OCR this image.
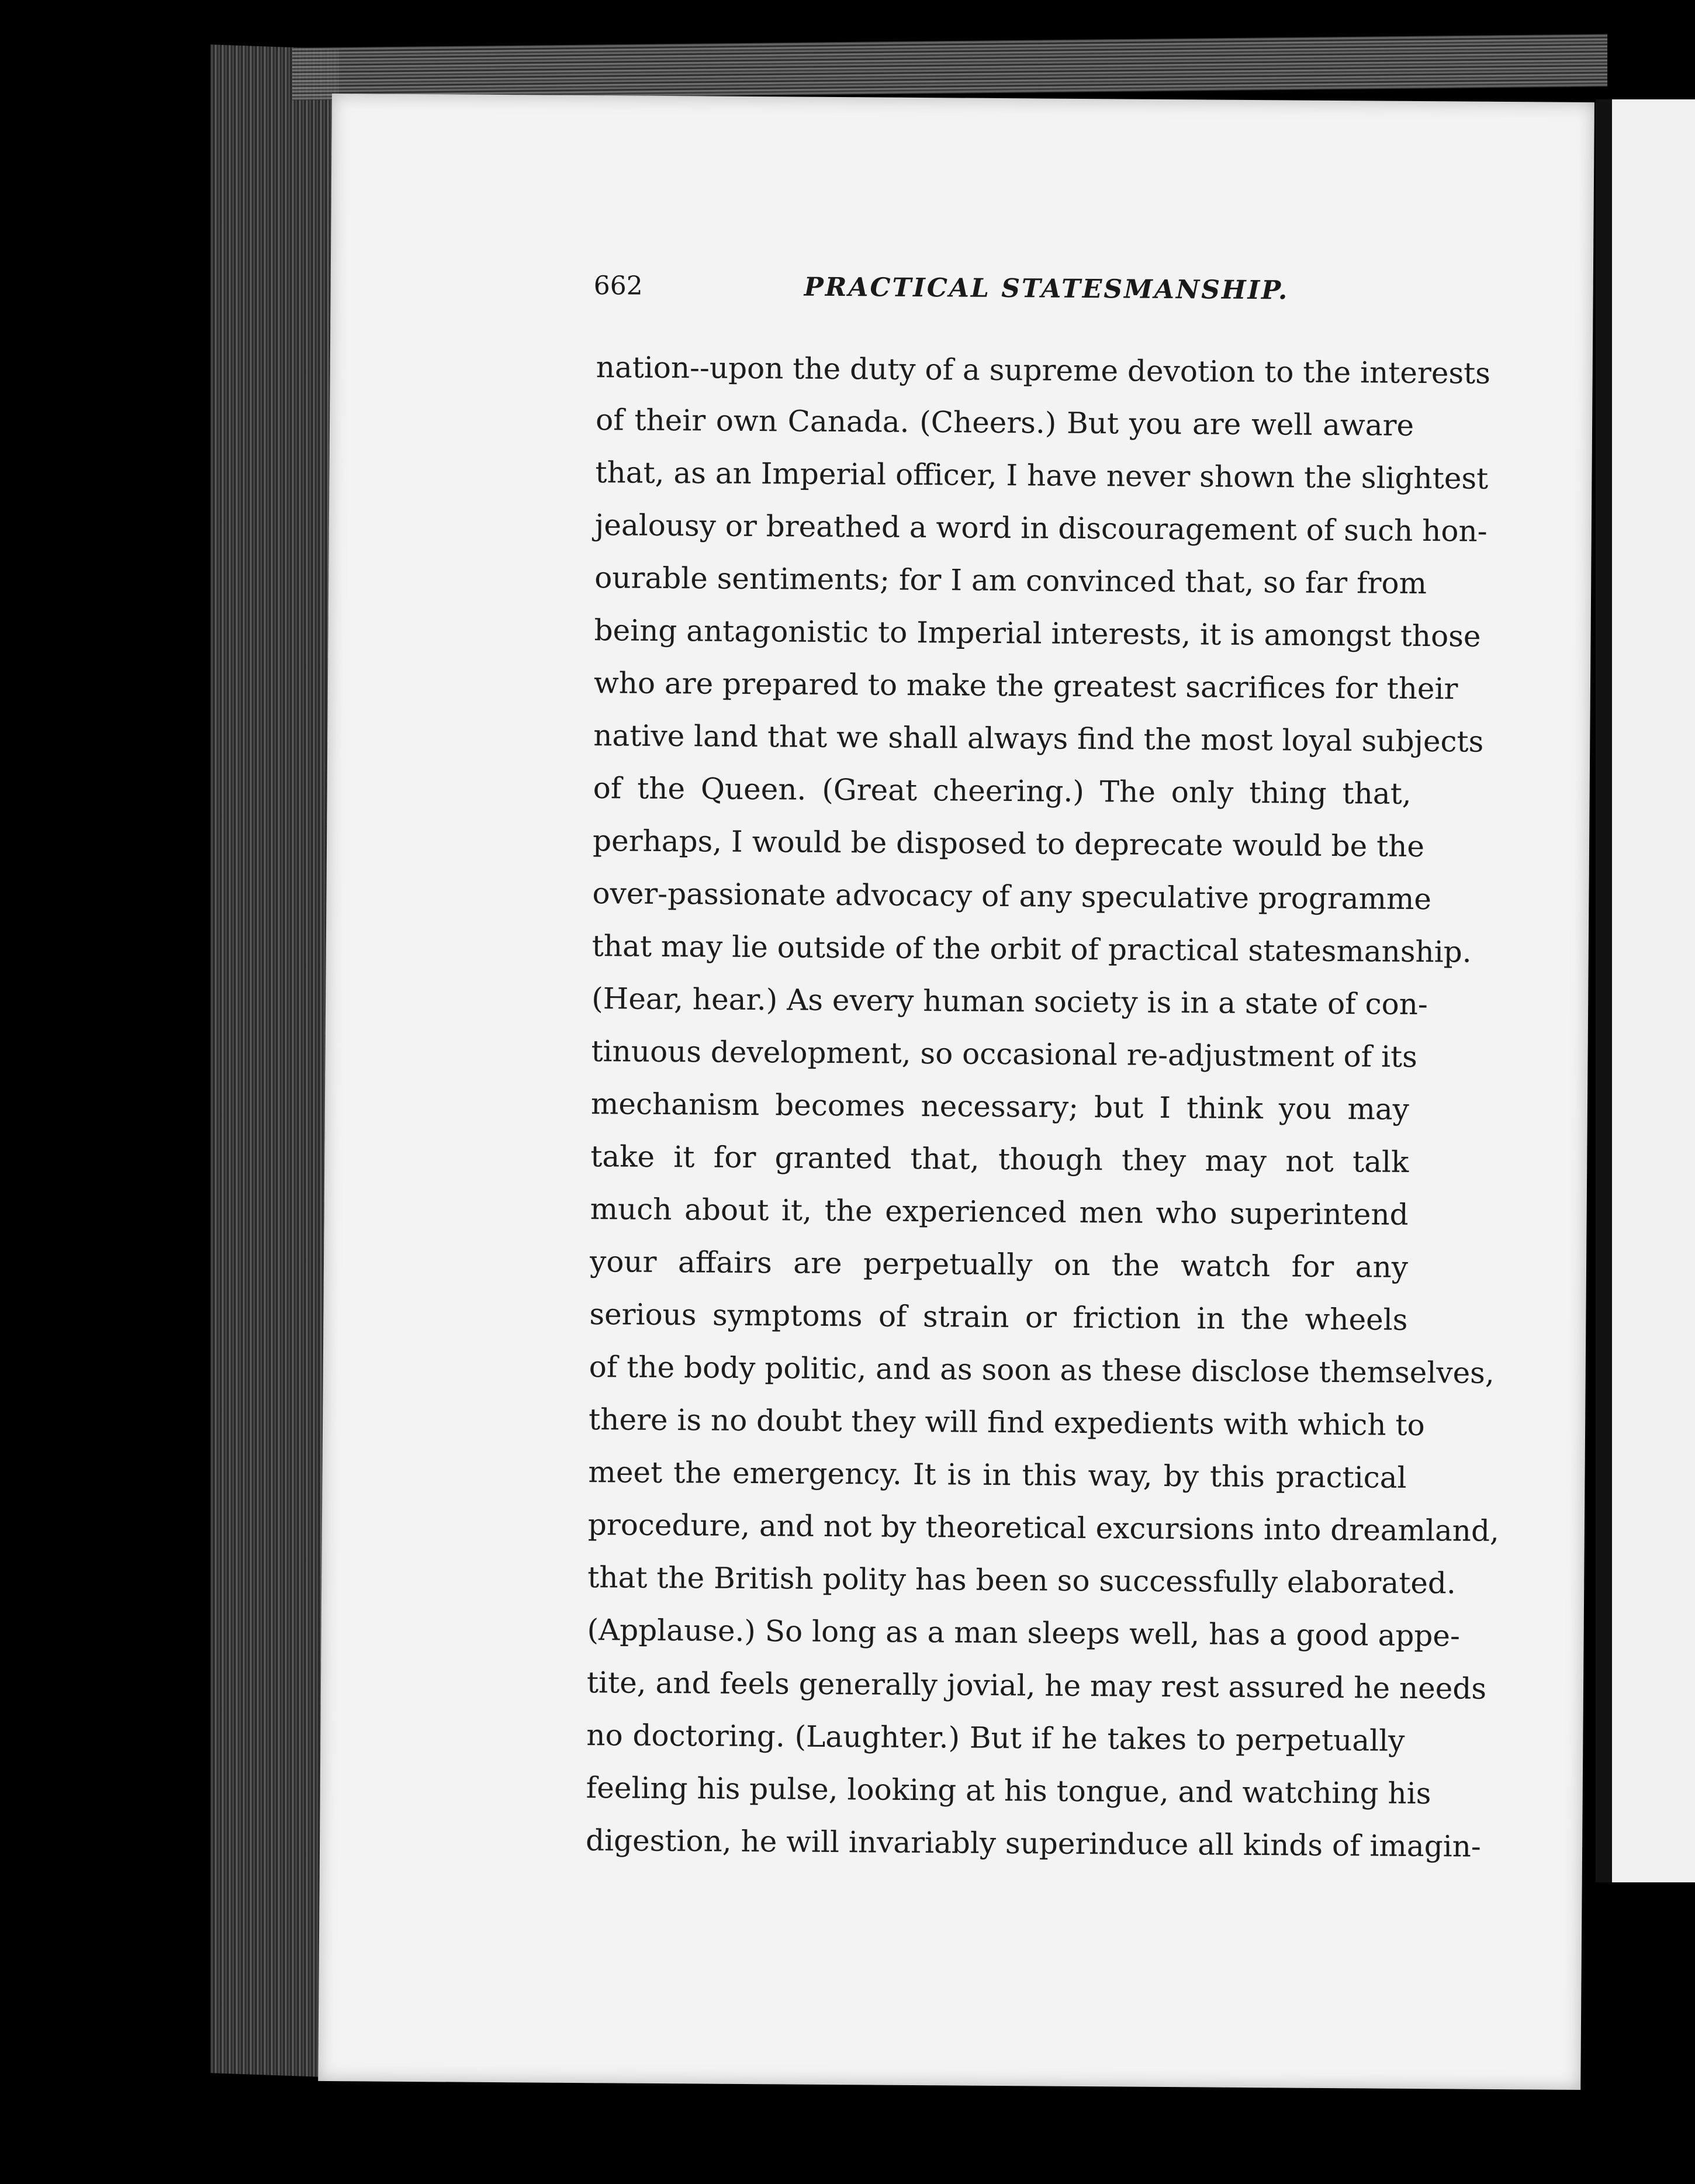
662	PRACTICAL STATESMANSHIP.
nation--upon the duty of a supreme devotion to the interests
of their own Canada. (Cheers.) But you are well aware
that, as an Imperial officer, I have never shown the slightest
jealousy or breathed a word in discouragement of such hon-
ourable sentiments; for I am convinced that, so far from
being antagonistic to Imperial interests, it is amongst those
who are prepared to make the greatest sacrifices for their
native land that we shall always find the most loyal subjects
of the Queen. (Great cheering.) The only thing that,
perhaps, I would be disposed to deprecate would be the
over-passionate advocacy of any speculative programme
that may lie outside of the orbit of practical statesmanship.
(Hear, hear.) As every human society is in a state of con-
tinuous development, so occasional re-adjustment of its
mechanism becomes necessary; but I think you may
take it for granted that, though they may not talk
much about it, the experienced men who superintend
your affairs are perpetually on the watch for any
serious symptoms of strain or friction in the wheels
of the body politic, and as soon as these disclose themselves,
there is no doubt they will find expedients with which to
meet the emergency. It is in this way, by this practical
procedure, and not by theoretical excursions into dreamland,
that the British polity has been so successfully elaborated.
(Applause.) So long as a man sleeps well, has a good appe-
tite, and feels generally jovial, he may rest assured he needs
no doctoring. (Laughter.) But if he takes to perpetually
feeling his pulse, looking at his tongue, and watching his
digestion, he will invariably superinduce all kinds of imagin-
